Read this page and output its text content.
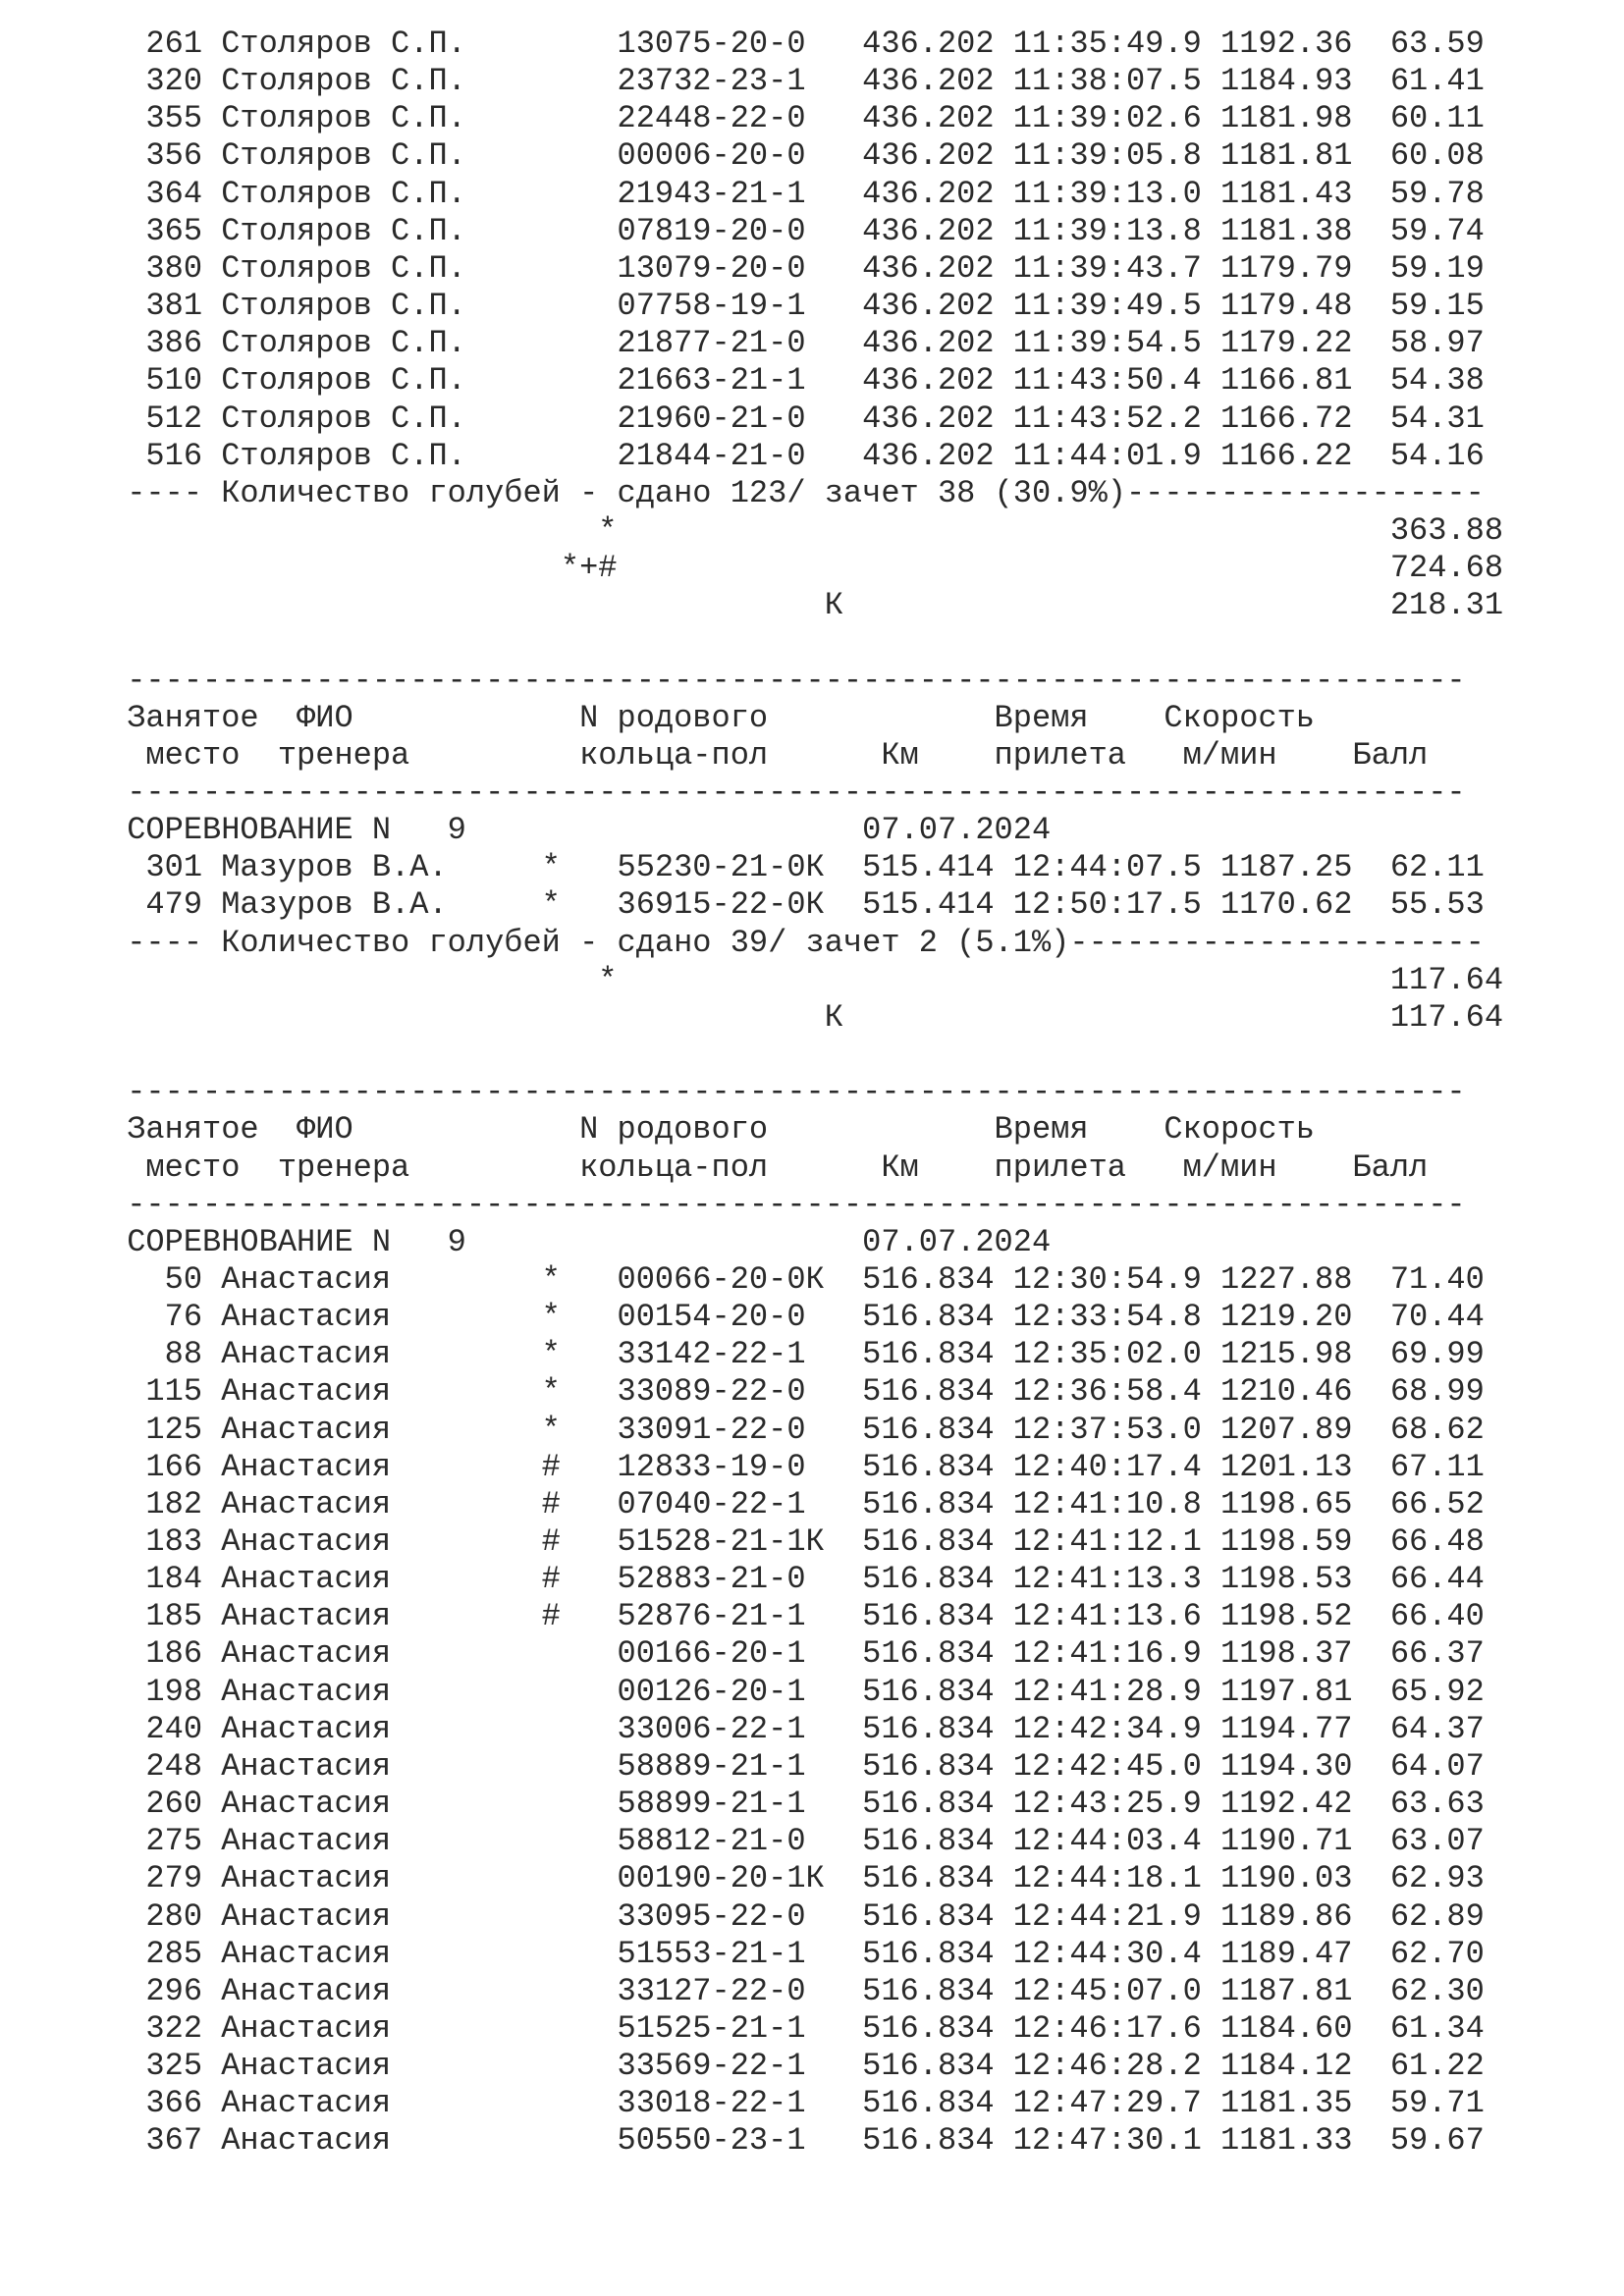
261 Столяров С.П.        13075-20-0   436.202 11:35:49.9 1192.36  63.59
320 Столяров С.П.        23732-23-1   436.202 11:38:07.5 1184.93  61.41
355 Столяров С.П.        22448-22-0   436.202 11:39:02.6 1181.98  60.11
356 Столяров С.П.        00006-20-0   436.202 11:39:05.8 1181.81  60.08
364 Столяров С.П.        21943-21-1   436.202 11:39:13.0 1181.43  59.78
365 Столяров С.П.        07819-20-0   436.202 11:39:13.8 1181.38  59.74
380 Столяров С.П.        13079-20-0   436.202 11:39:43.7 1179.79  59.19
381 Столяров С.П.        07758-19-1   436.202 11:39:49.5 1179.48  59.15
386 Столяров С.П.        21877-21-0   436.202 11:39:54.5 1179.22  58.97
510 Столяров С.П.        21663-21-1   436.202 11:43:50.4 1166.81  54.38
512 Столяров С.П.        21960-21-0   436.202 11:43:52.2 1166.72  54.31
516 Столяров С.П.        21844-21-0   436.202 11:44:01.9 1166.22  54.16
---- Количество голубей - сдано 123/ зачет 38 (30.9%)-------------------
*                                         363.88
*+#                                         724.68
К                             218.31
-----------------------------------------------------------------------
Занятое  ФИО            N родового            Время    Скорость
место  тренера         кольца-пол      Км    прилета   м/мин    Балл
-----------------------------------------------------------------------
СОРЕВНОВАНИЕ N   9                     07.07.2024
301 Мазуров В.А.     *   55230-21-0К  515.414 12:44:07.5 1187.25  62.11
479 Мазуров В.А.     *   36915-22-0К  515.414 12:50:17.5 1170.62  55.53
---- Количество голубей - сдано 39/ зачет 2 (5.1%)----------------------
*                                         117.64
К                             117.64
-----------------------------------------------------------------------
Занятое  ФИО            N родового            Время    Скорость
место  тренера         кольца-пол      Км    прилета   м/мин    Балл
-----------------------------------------------------------------------
СОРЕВНОВАНИЕ N   9                     07.07.2024
50 Анастасия        *   00066-20-0К  516.834 12:30:54.9 1227.88  71.40
76 Анастасия        *   00154-20-0   516.834 12:33:54.8 1219.20  70.44
88 Анастасия        *   33142-22-1   516.834 12:35:02.0 1215.98  69.99
115 Анастасия        *   33089-22-0   516.834 12:36:58.4 1210.46  68.99
125 Анастасия        *   33091-22-0   516.834 12:37:53.0 1207.89  68.62
166 Анастасия        #   12833-19-0   516.834 12:40:17.4 1201.13  67.11
182 Анастасия        #   07040-22-1   516.834 12:41:10.8 1198.65  66.52
183 Анастасия        #   51528-21-1К  516.834 12:41:12.1 1198.59  66.48
184 Анастасия        #   52883-21-0   516.834 12:41:13.3 1198.53  66.44
185 Анастасия        #   52876-21-1   516.834 12:41:13.6 1198.52  66.40
186 Анастасия            00166-20-1   516.834 12:41:16.9 1198.37  66.37
198 Анастасия            00126-20-1   516.834 12:41:28.9 1197.81  65.92
240 Анастасия            33006-22-1   516.834 12:42:34.9 1194.77  64.37
248 Анастасия            58889-21-1   516.834 12:42:45.0 1194.30  64.07
260 Анастасия            58899-21-1   516.834 12:43:25.9 1192.42  63.63
275 Анастасия            58812-21-0   516.834 12:44:03.4 1190.71  63.07
279 Анастасия            00190-20-1К  516.834 12:44:18.1 1190.03  62.93
280 Анастасия            33095-22-0   516.834 12:44:21.9 1189.86  62.89
285 Анастасия            51553-21-1   516.834 12:44:30.4 1189.47  62.70
296 Анастасия            33127-22-0   516.834 12:45:07.0 1187.81  62.30
322 Анастасия            51525-21-1   516.834 12:46:17.6 1184.60  61.34
325 Анастасия            33569-22-1   516.834 12:46:28.2 1184.12  61.22
366 Анастасия            33018-22-1   516.834 12:47:29.7 1181.35  59.71
367 Анастасия            50550-23-1   516.834 12:47:30.1 1181.33  59.67
